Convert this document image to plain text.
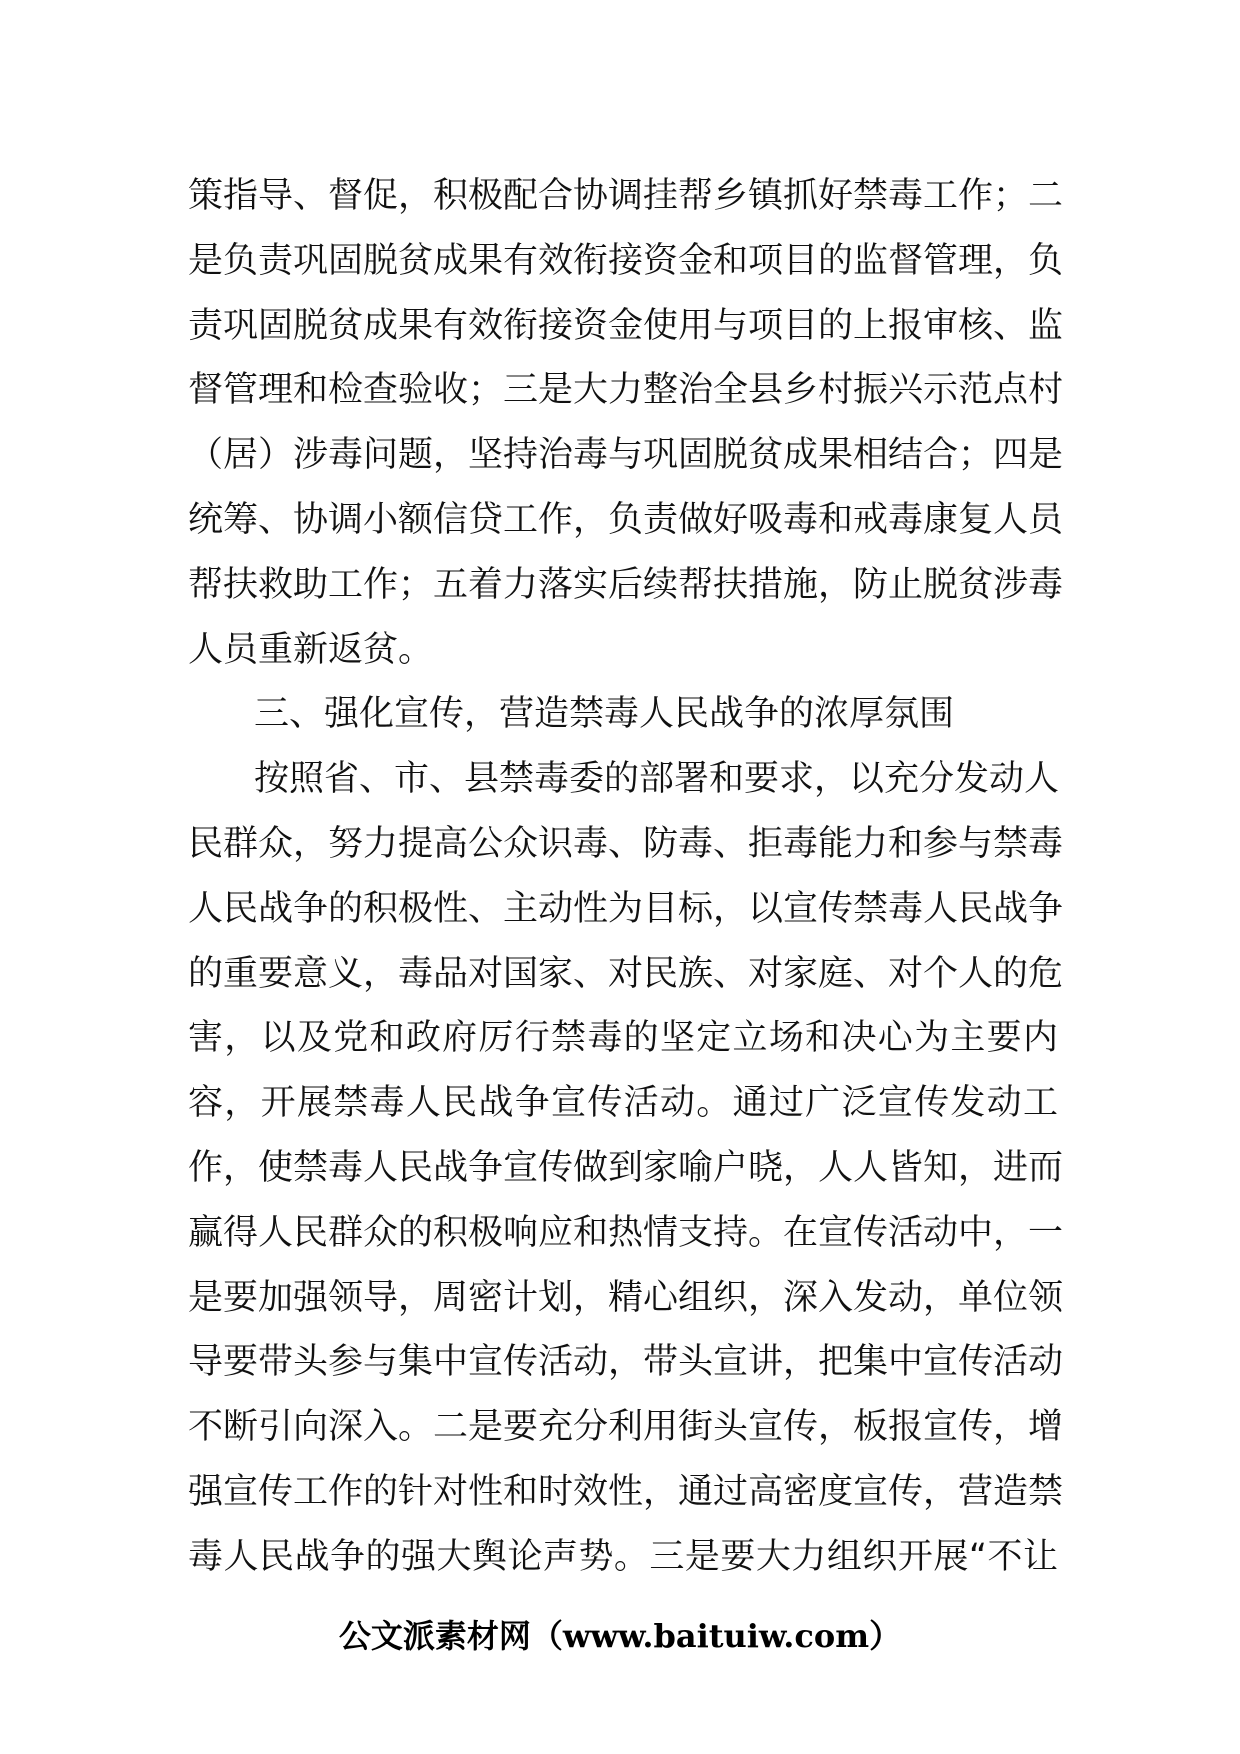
策指导、督促，积极配合协调挂帮乡镇抓好禁毒工作；二
是负责巩固脱贫成果有效衔接资金和项目的监督管理，负
责巩固脱贫成果有效衔接资金使用与项目的上报审核、监
督管理和检查验收；三是大力整治全县乡村振兴示范点村
（居）涉毒问题，坚持治毒与巩固脱贫成果相结合；四是
统筹、协调小额信贷工作，负责做好吸毒和戒毒康复人员
帮扶救助工作；五着力落实后续帮扶措施，防止脱贫涉毒
人员重新返贫。
三、强化宣传，营造禁毒人民战争的浓厚氛围
按照省、市、县禁毒委的部署和要求，以充分发动人
民群众，努力提高公众识毒、防毒、拒毒能力和参与禁毒
人民战争的积极性、主动性为目标，以宣传禁毒人民战争
的重要意义，毒品对国家、对民族、对家庭、对个人的危
害，以及党和政府厉行禁毒的坚定立场和决心为主要内
容，开展禁毒人民战争宣传活动。通过广泛宣传发动工
作，使禁毒人民战争宣传做到家喻户晓，人人皆知，进而
赢得人民群众的积极响应和热情支持。在宣传活动中，一
是要加强领导，周密计划，精心组织，深入发动，单位领
导要带头参与集中宣传活动，带头宣讲，把集中宣传活动
不断引向深入。二是要充分利用街头宣传，板报宣传，增
强宣传工作的针对性和时效性，通过高密度宣传，营造禁
毒人民战争的强大舆论声势。三是要大力组织开展“不让
公文派素材网（www.baituiw.com）
